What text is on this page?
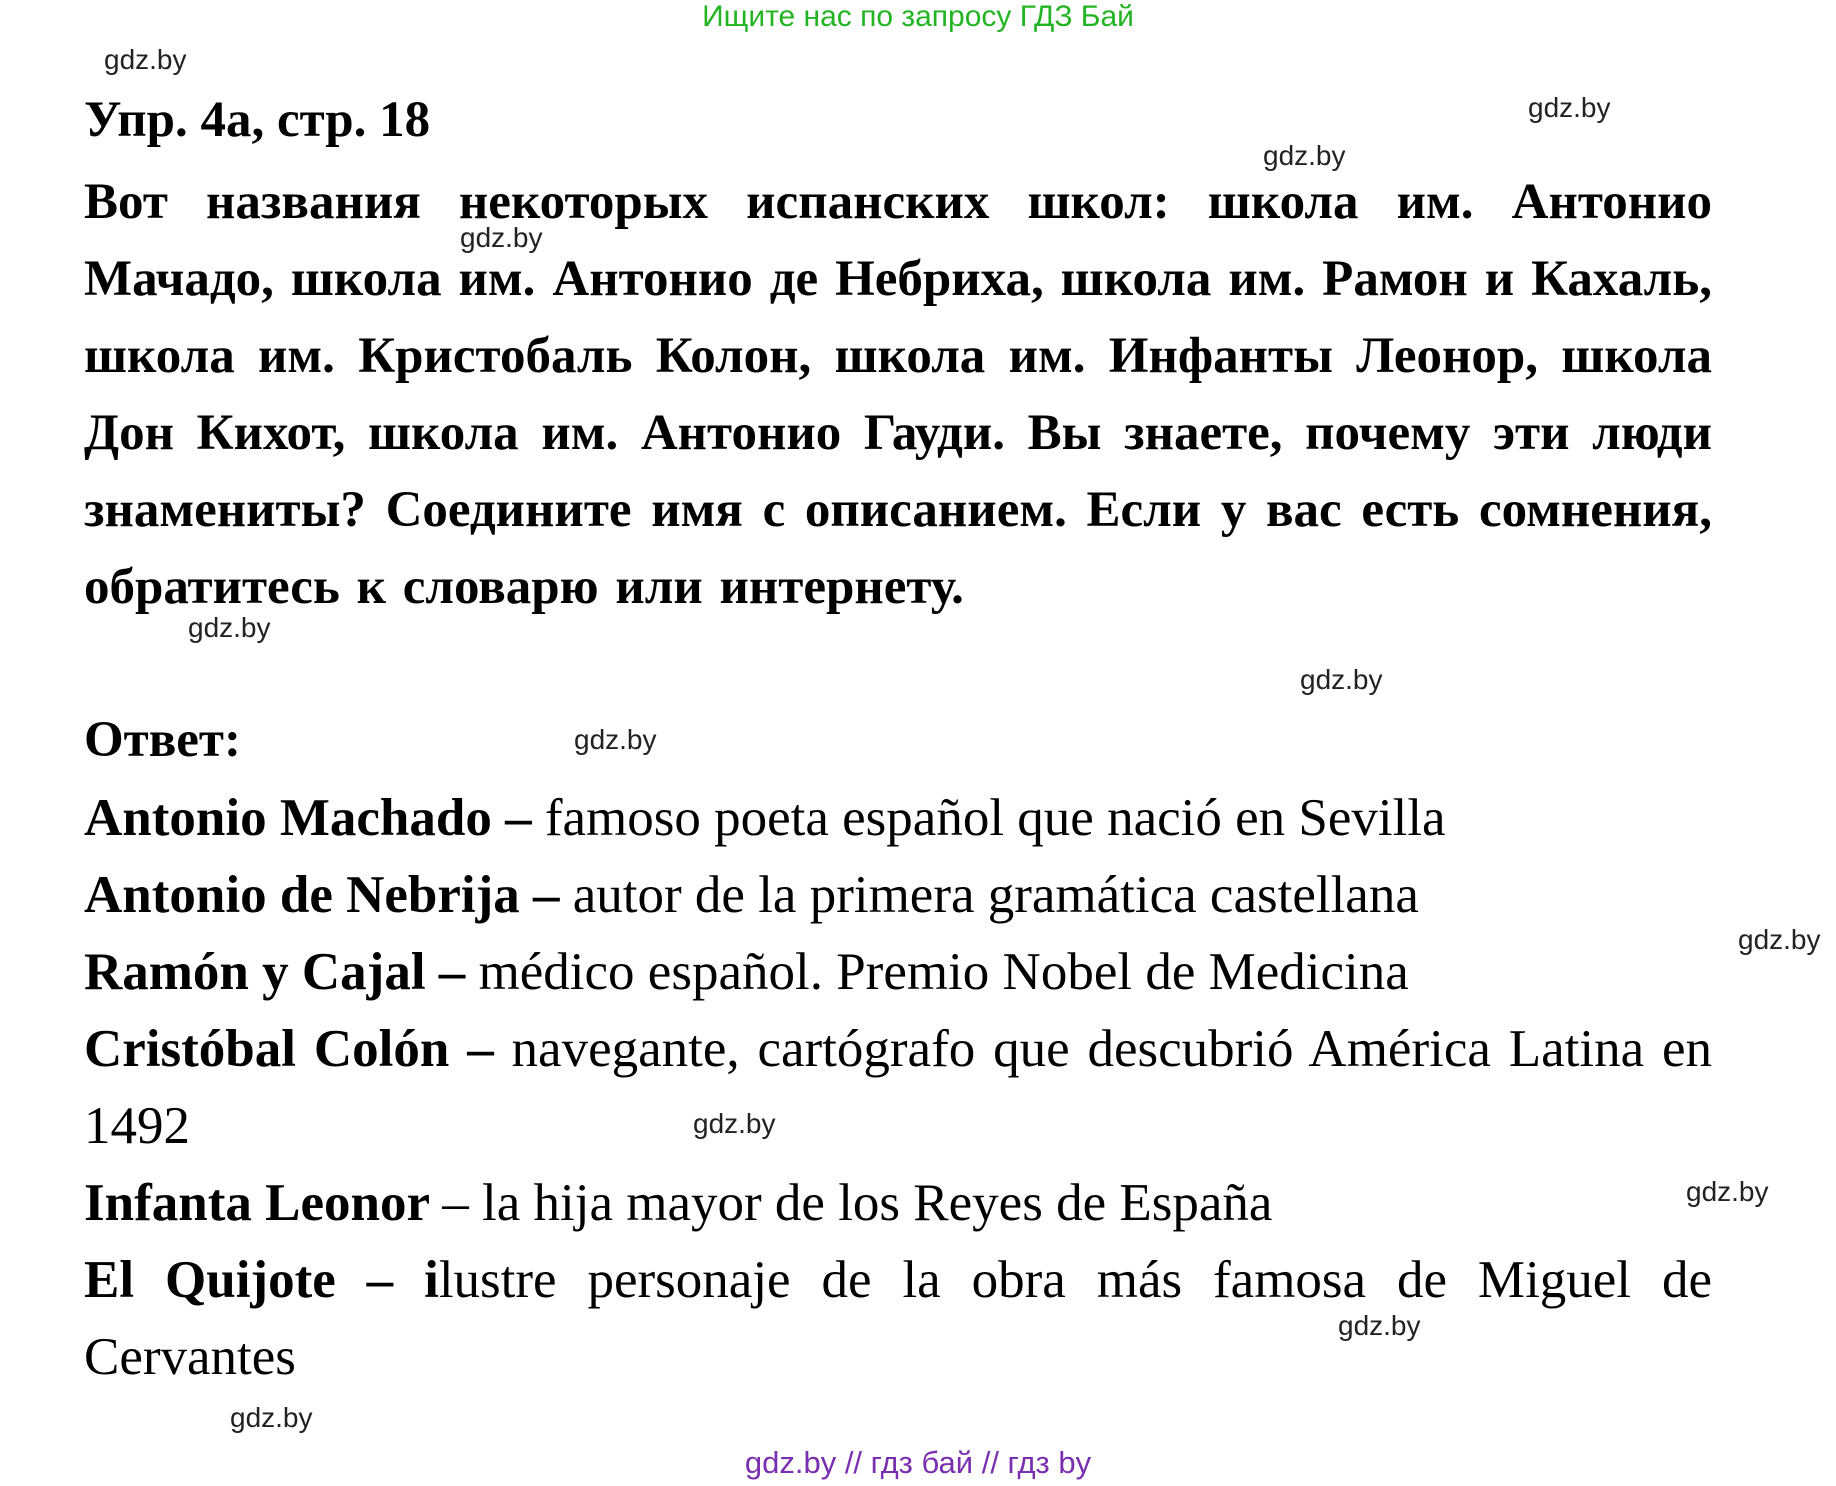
Ищите нас по запросу ГДЗ Бай
gdz.by
gdz.by
gdz.by
gdz.by
gdz.by
gdz.by
gdz.by
gdz.by
gdz.by
gdz.by
gdz.by
gdz.by
Упр. 4а, стр. 18
Вот названия некоторых испанских школ: школа им. Антонио Мачадо, школа им. Антонио де Небриха, школа им. Рамон и Кахаль, школа им. Кристобаль Колон, школа им. Инфанты Леонор, школа Дон Кихот, школа им. Антонио Гауди. Вы знаете, почему эти люди знамениты? Соедините имя с описанием. Если у вас есть сомнения, обратитесь к словарю или интернету.
Ответ:
Antonio Machado – famoso poeta español que nació en Sevilla
Antonio de Nebrija – autor de la primera gramática castellana
Ramón y Cajal – médico español. Premio Nobel de Medicina
Cristóbal Colón – navegante, cartógrafo que descubrió América Latina en 1492
Infanta Leonor – la hija mayor de los Reyes de España
El Quijote – ilustre personaje de la obra más famosa de Miguel de Cervantes
gdz.by // гдз бай // гдз by
